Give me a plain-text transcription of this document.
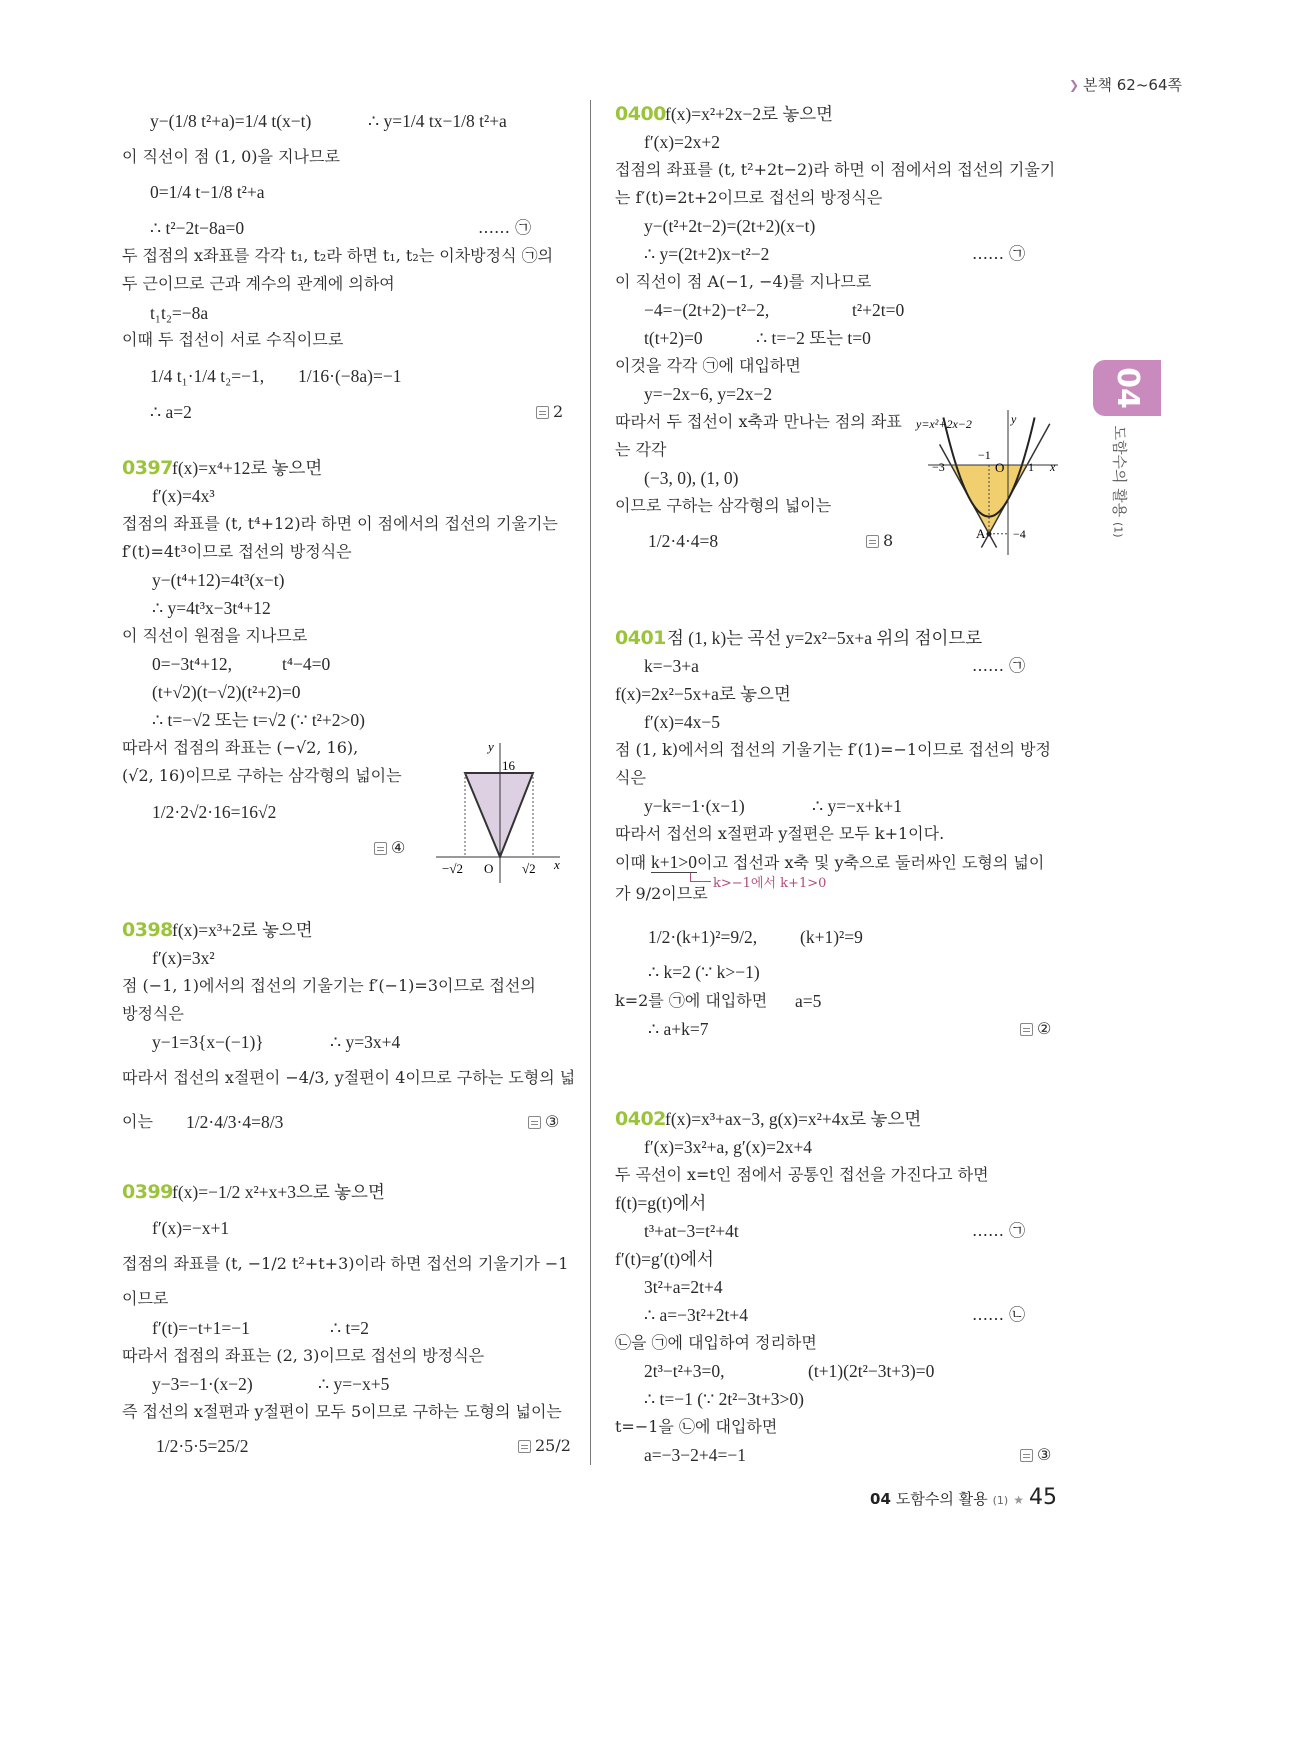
❯ 본책 62~64쪽
04
도함수의 활용 (1)
y−(1/8 t²+a)=1/4 t(x−t)	∴ y=1/4 tx−1/8 t²+a
이 직선이 점 (1, 0)을 지나므로
0=1/4 t−1/8 t²+a
∴ t²−2t−8a=0	…… ㉠
두 접점의 x좌표를 각각 t₁, t₂라 하면 t₁, t₂는 이차방정식 ㉠의
두 근이므로 근과 계수의 관계에 의하여
t₁t₂=−8a
이때 두 접선이 서로 수직이므로
1/4 t₁·1/4 t₂=−1, 1/16·(−8a)=−1
∴ a=2	2
0397 f(x)=x⁴+12로 놓으면
f′(x)=4x³
접점의 좌표를 (t, t⁴+12)라 하면 이 점에서의 접선의 기울기는
f′(t)=4t³이므로 접선의 방정식은
y−(t⁴+12)=4t³(x−t)
∴ y=4t³x−3t⁴+12
이 직선이 원점을 지나므로
0=−3t⁴+12,	t⁴−4=0
(t+√2)(t−√2)(t²+2)=0
∴ t=−√2 또는 t=√2 (∵ t²+2>0)
따라서 접점의 좌표는 (−√2, 16),
(√2, 16)이므로 구하는 삼각형의 넓이는
1/2·2√2·16=16√2
④
y
16
x
O
−√2	√2
0398 f(x)=x³+2로 놓으면
f′(x)=3x²
점 (−1, 1)에서의 접선의 기울기는 f′(−1)=3이므로 접선의
방정식은
y−1=3{x−(−1)}	∴ y=3x+4
따라서 접선의 x절편이 −4/3, y절편이 4이므로 구하는 도형의 넓
이는 1/2·4/3·4=8/3	③
0399 f(x)=−1/2 x²+x+3으로 놓으면
f′(x)=−x+1
접점의 좌표를 (t, −1/2 t²+t+3)이라 하면 접선의 기울기가 −1
이므로
f′(t)=−t+1=−1	∴ t=2
따라서 접점의 좌표는 (2, 3)이므로 접선의 방정식은
y−3=−1·(x−2)	∴ y=−x+5
즉 접선의 x절편과 y절편이 모두 5이므로 구하는 도형의 넓이는
1/2·5·5=25/2	25/2
0400 f(x)=x²+2x−2로 놓으면
f′(x)=2x+2
접점의 좌표를 (t, t²+2t−2)라 하면 이 점에서의 접선의 기울기
는 f′(t)=2t+2이므로 접선의 방정식은
y−(t²+2t−2)=(2t+2)(x−t)
∴ y=(2t+2)x−t²−2	…… ㉠
이 직선이 점 A(−1, −4)를 지나므로
−4=−(2t+2)−t²−2,	t²+2t=0
t(t+2)=0	∴ t=−2 또는 t=0
이것을 각각 ㉠에 대입하면
y=−2x−6, y=2x−2
따라서 두 접선이 x축과 만나는 점의 좌표
는 각각
(−3, 0), (1, 0)
이므로 구하는 삼각형의 넓이는
1/2·4·4=8	8
y=x²+2x−2	y
x
−3
−1
O 1
A −4
0401 점 (1, k)는 곡선 y=2x²−5x+a 위의 점이므로
k=−3+a	…… ㉠
f(x)=2x²−5x+a로 놓으면
f′(x)=4x−5
점 (1, k)에서의 접선의 기울기는 f′(1)=−1이므로 접선의 방정
식은
y−k=−1·(x−1)	∴ y=−x+k+1
따라서 접선의 x절편과 y절편은 모두 k+1이다.
이때 k+1>0이고 접선과 x축 및 y축으로 둘러싸인 도형의 넓이
k>−1에서 k+1>0
가 9/2이므로
1/2·(k+1)²=9/2, (k+1)²=9
∴ k=2 (∵ k>−1)
k=2를 ㉠에 대입하면 a=5
∴ a+k=7	②
0402 f(x)=x³+ax−3, g(x)=x²+4x로 놓으면
f′(x)=3x²+a, g′(x)=2x+4
두 곡선이 x=t인 점에서 공통인 접선을 가진다고 하면
f(t)=g(t)에서
t³+at−3=t²+4t	…… ㉠
f′(t)=g′(t)에서
3t²+a=2t+4
∴ a=−3t²+2t+4	…… ㉡
㉡을 ㉠에 대입하여 정리하면
2t³−t²+3=0,	(t+1)(2t²−3t+3)=0
∴ t=−1 (∵ 2t²−3t+3>0)
t=−1을 ㉡에 대입하면
a=−3−2+4=−1	③
04 도함수의 활용 (1) ★ 45
